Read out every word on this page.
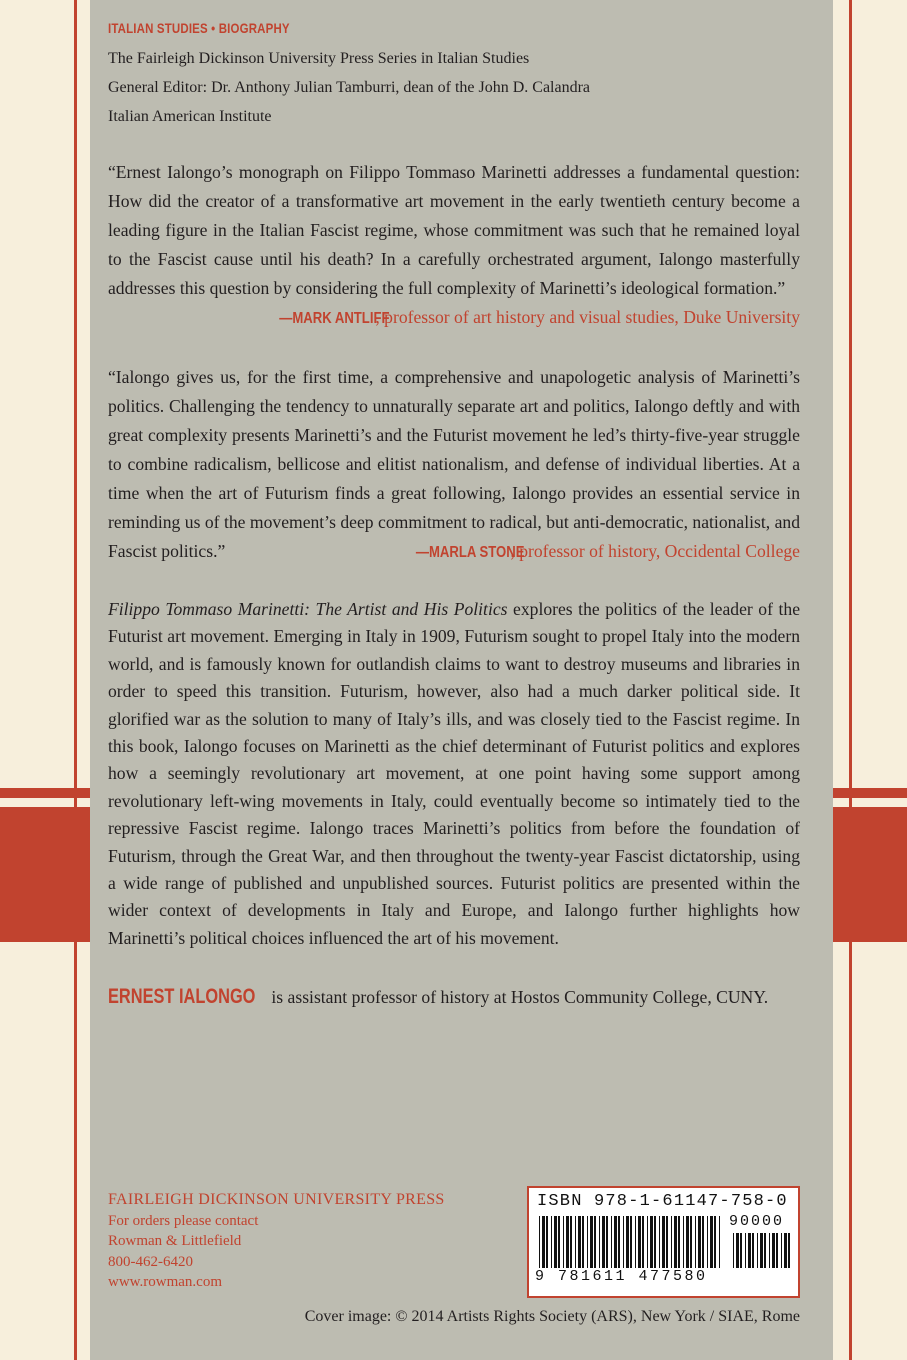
ITALIAN STUDIES • BIOGRAPHY
The Fairleigh Dickinson University Press Series in Italian Studies
General Editor: Dr. Anthony Julian Tamburri, dean of the John D. Calandra
Italian American Institute

“Ernest Ialongo’s monograph on Filippo Tommaso Marinetti addresses a fundamental question: How did the creator of a transformative art movement in the early twentieth century become a leading figure in the Italian Fascist regime, whose commitment was such that he remained loyal to the Fascist cause until his death? In a carefully orchestrated argument, Ialongo masterfully addresses this question by considering the full complexity of Marinetti’s ideological formation.”

—MARK ANTLIFF, professor of art history and visual studies, Duke University

“Ialongo gives us, for the first time, a comprehensive and unapologetic analysis of Marinetti’s politics. Challenging the tendency to unnaturally separate art and politics, Ialongo deftly and with great complexity presents Marinetti’s and the Futurist movement he led’s thirty-five-year struggle to combine radicalism, bellicose and elitist nationalism, and defense of individual liberties. At a time when the art of Futurism finds a great following, Ialongo provides an essential service in reminding us of the movement’s deep commitment to radical, but anti-democratic, nationalist, and Fascist politics.”	—MARLA STONE, professor of history, Occidental College

Filippo Tommaso Marinetti: The Artist and His Politics explores the politics of the leader of the Futurist art movement. Emerging in Italy in 1909, Futurism sought to propel Italy into the modern world, and is famously known for outlandish claims to want to destroy museums and libraries in order to speed this transition. Futurism, however, also had a much darker political side. It glorified war as the solution to many of Italy’s ills, and was closely tied to the Fascist regime. In this book, Ialongo focuses on Marinetti as the chief determinant of Futurist politics and explores how a seemingly revolutionary art movement, at one point having some support among revolutionary left-wing movements in Italy, could eventually become so intimately tied to the repressive Fascist regime. Ialongo traces Marinetti’s politics from before the foundation of Futurism, through the Great War, and then throughout the twenty-year Fascist dictatorship, using a wide range of published and unpublished sources. Futurist politics are presented within the wider context of developments in Italy and Europe, and Ialongo further highlights how Marinetti’s political choices influenced the art of his movement.

ERNEST IALONGO is assistant professor of history at Hostos Community College, CUNY.
FAIRLEIGH DICKINSON UNIVERSITY PRESS
For orders please contact
Rowman & Littlefield
800-462-6420
www.rowman.com
ISBN 978-1-61147-758-0
90000
9 781611 477580
Cover image: © 2014 Artists Rights Society (ARS), New York / SIAE, Rome
